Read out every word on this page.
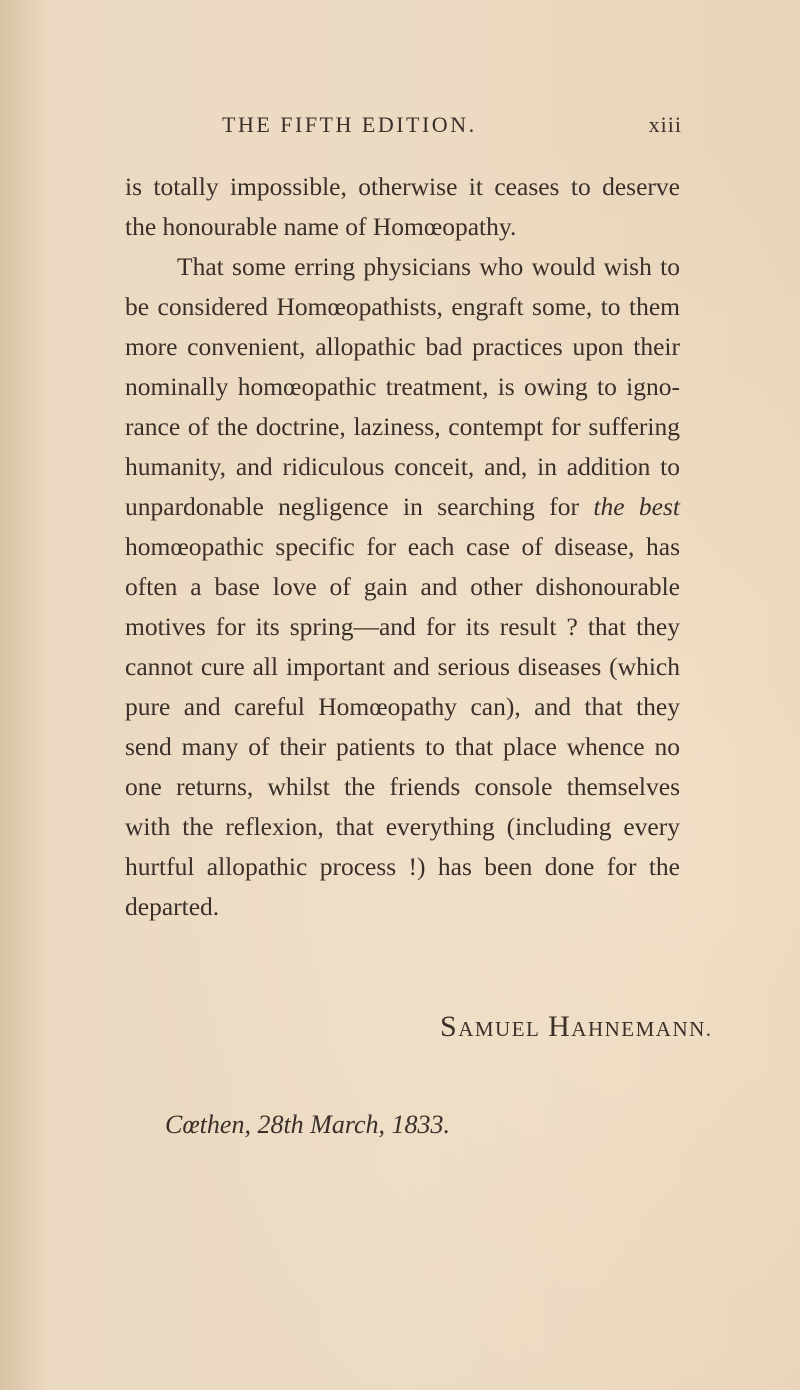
THE FIFTH EDITION.	xiii
is totally impossible, otherwise it ceases to deserve
the honourable name of Homœopathy.
That some erring physicians who would wish to
be considered Homœopathists, engraft some, to them
more convenient, allopathic bad practices upon their
nominally homœopathic treatment, is owing to igno-
rance of the doctrine, laziness, contempt for suffering
humanity, and ridiculous conceit, and, in addition to
unpardonable negligence in searching for the best
homœopathic specific for each case of disease, has
often a base love of gain and other dishonourable
motives for its spring—and for its result ? that they
cannot cure all important and serious diseases (which
pure and careful Homœopathy can), and that they
send many of their patients to that place whence no
one returns, whilst the friends console themselves
with the reflexion, that everything (including every
hurtful allopathic process !) has been done for the
departed.
SAMUEL HAHNEMANN.
Cœthen, 28th March, 1833.
